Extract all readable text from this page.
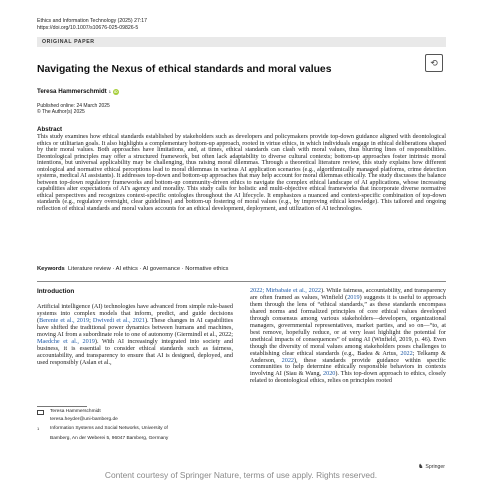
Ethics and Information Technology (2025) 27:17
https://doi.org/10.1007/s10676-025-09826-5
ORIGINAL PAPER
⟲
Navigating the Nexus of ethical standards and moral values
Teresa Hammerschmidt 1 iD
Published online: 24 March 2025
© The Author(s) 2025
Abstract
This study examines how ethical standards established by stakeholders such as developers and policymakers provide top-down guidance aligned with deontological ethics or utilitarian goals. It also highlights a complementary bottom-up approach, rooted in virtue ethics, in which individuals engage in ethical deliberations shaped by their moral values. Both approaches have limitations, and, at times, ethical standards can clash with moral values, thus blurring lines of responsibilities. Deontological principles may offer a structured framework, but often lack adaptability to diverse cultural contexts; bottom-up approaches foster intrinsic moral intentions, but universal applicability may be challenging, thus raising moral dilemmas. Through a theoretical literature review, this study explains how different ontological and normative ethical perceptions lead to moral dilemmas in various AI application scenarios (e.g., algorithmically managed platforms, crime detection systems, medical AI assistants). It addresses top-down and bottom-up approaches that may help account for moral dilemmas ethically. The study discusses the balance between top-down regulatory frameworks and bottom-up community-driven ethics to navigate the complex ethical landscape of AI applications, whose increasing capabilities alter expectations of AI's agency and morality. This study calls for holistic and multi-objective ethical frameworks that incorporate diverse normative ethical perspectives and recognizes context-specific ontologies throughout the AI lifecycle. It emphasizes a nuanced and context-specific combination of top-down standards (e.g., regulatory oversight, clear guidelines) and bottom-up fostering of moral values (e.g., by improving ethical knowledge). This tailored and ongoing reflection of ethical standards and moral values accounts for an ethical development, deployment, and utilization of AI technologies.
Keywords Literature review · AI ethics · AI governance · Normative ethics
Introduction
Artificial intelligence (AI) technologies have advanced from simple rule-based systems into complex models that inform, predict, and guide decisions (Berente et al., 2019; Dwivedi et al., 2021). These changes in AI capabilities have shifted the traditional power dynamics between humans and machines, moving AI from a subordinate role to one of autonomy (Giermindl et al., 2022; Maedche et al., 2019). With AI increasingly integrated into society and business, it is essential to consider ethical standards such as fairness, accountability, and transparency to ensure that AI is designed, deployed, and used responsibly (Aslan et al.,
2022; Mirbabaie et al., 2022). While fairness, accountability, and transparency are often framed as values, Winfield (2019) suggests it is useful to approach them through the lens of “ethical standards,” as these standards encompass shared norms and formalized principles of core ethical values developed through consensus among various stakeholders—developers, organizational managers, governmental representatives, market parties, and so on—“to, at best remove, hopefully reduce, or at very least highlight the potential for unethical impacts of consequences” of using AI (Winfield, 2019, p. 46). Even though the diversity of moral values among stakeholders poses challenges to establishing clear ethical standards (e.g., Badea & Artus, 2022; Telkamp & Anderson, 2022), these standards provide guidance within specific communities to help determine ethically responsible behaviors in contexts involving AI (Siau & Wang, 2020). This top-down approach to ethics, closely related to deontological ethics, relies on principles rooted
Teresa Hammerschmidt
teresa.heyder@uni-bamberg.de
$^1$	Information Systems and Social Networks, University of
Bamberg, An der Weberei 5, 96047 Bamberg, Germany
♞ Springer
Content courtesy of Springer Nature, terms of use apply. Rights reserved.
